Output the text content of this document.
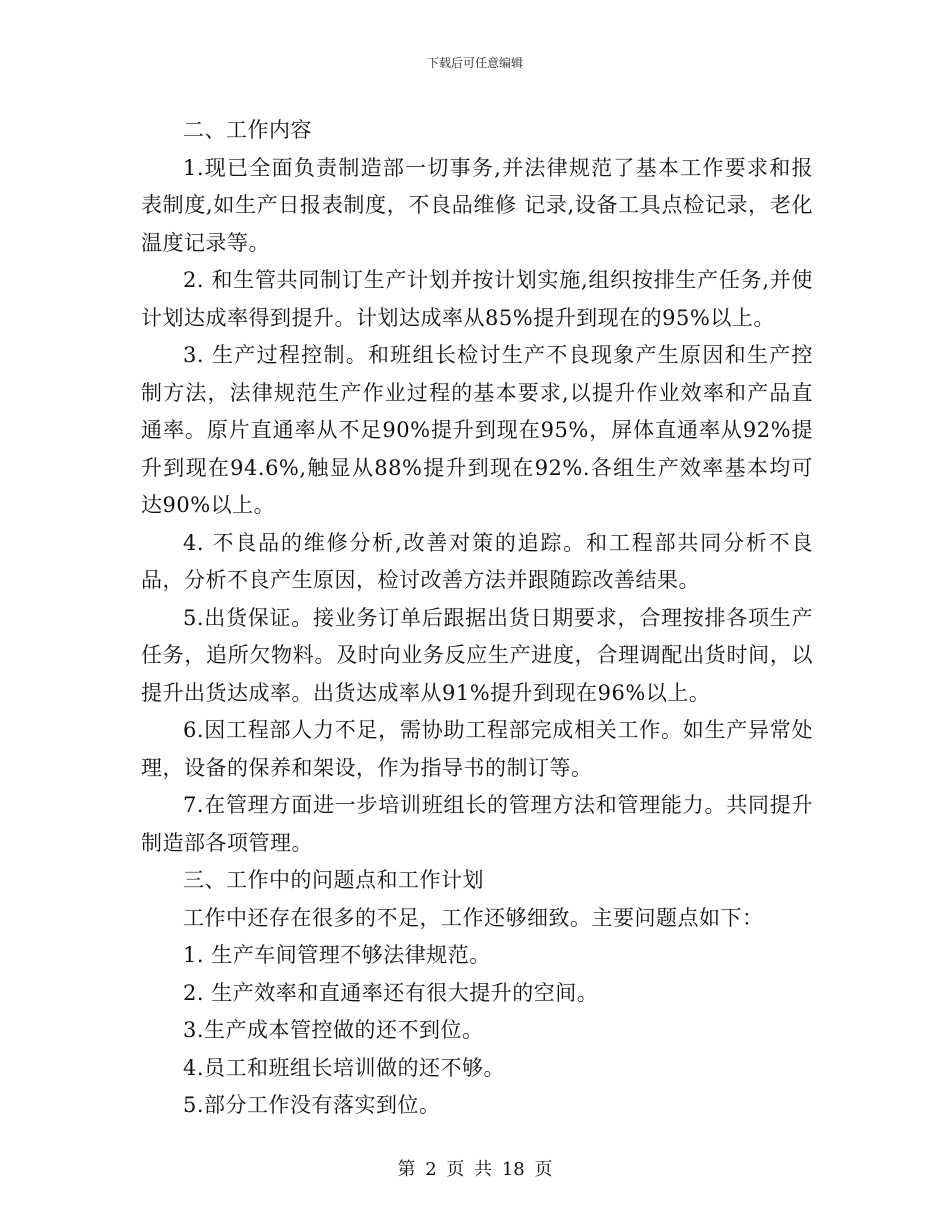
下载后可任意编辑

二、工作内容

1.现已全面负责制造部一切事务,并法律规范了基本工作要求和报表制度,如生产日报表制度，不良品维修 记录,设备工具点检记录，老化温度记录等。

2. 和生管共同制订生产计划并按计划实施,组织按排生产任务,并使计划达成率得到提升。计划达成率从85%提升到现在的95%以上。

3. 生产过程控制。和班组长检讨生产不良现象产生原因和生产控制方法，法律规范生产作业过程的基本要求,以提升作业效率和产品直通率。原片直通率从不足90%提升到现在95%，屏体直通率从92%提升到现在94.6%,触显从88%提升到现在92%.各组生产效率基本均可达90%以上。

4. 不良品的维修分析,改善对策的追踪。和工程部共同分析不良品，分析不良产生原因，检讨改善方法并跟随踪改善结果。

5.出货保证。接业务订单后跟据出货日期要求，合理按排各项生产任务，追所欠物料。及时向业务反应生产进度，合理调配出货时间，以提升出货达成率。出货达成率从91%提升到现在96%以上。

6.因工程部人力不足，需协助工程部完成相关工作。如生产异常处理，设备的保养和架设，作为指导书的制订等。

7.在管理方面进一步培训班组长的管理方法和管理能力。共同提升制造部各项管理。

三、工作中的问题点和工作计划

工作中还存在很多的不足，工作还够细致。主要问题点如下：

1. 生产车间管理不够法律规范。

2. 生产效率和直通率还有很大提升的空间。

3.生产成本管控做的还不到位。

4.员工和班组长培训做的还不够。

5.部分工作没有落实到位。

第 2 页 共 18 页
